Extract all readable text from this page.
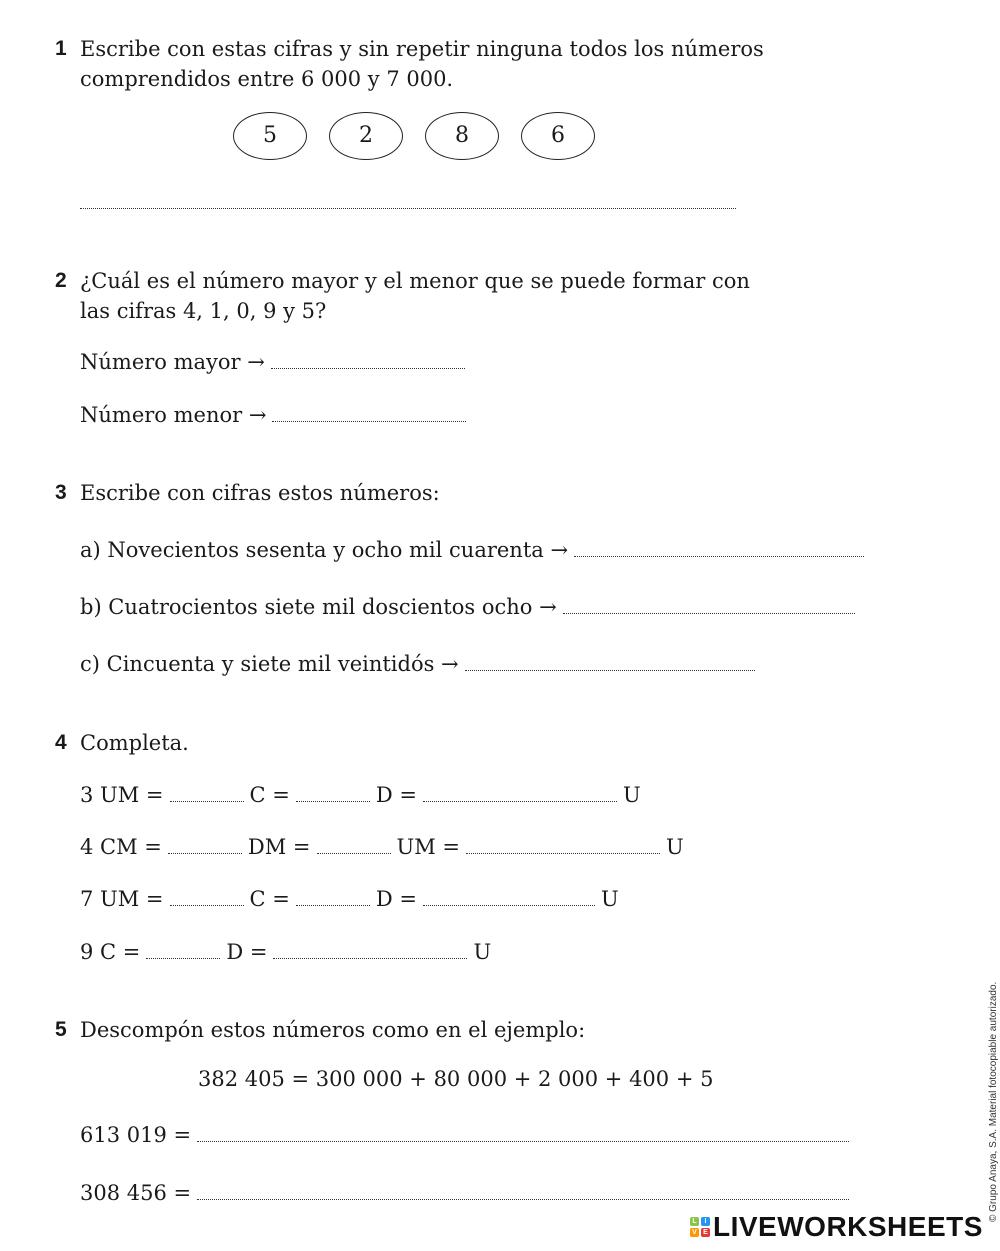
1 Escribe con estas cifras y sin repetir ninguna todos los números
comprendidos entre 6 000 y 7 000.
5	2	8	6
2 ¿Cuál es el número mayor y el menor que se puede formar con
las cifras 4, 1, 0, 9 y 5?
Número mayor →
Número menor →
3 Escribe con cifras estos números:
a) Novecientos sesenta y ocho mil cuarenta →
b) Cuatrocientos siete mil doscientos ocho →
c) Cincuenta y siete mil veintidós →
4 Completa.
3 UM =	C =	D =	U
4 CM =	DM =	UM =	U
7 UM =	C =	D =	U
9 C =	D =	U
5 Descompón estos números como en el ejemplo:
382 405 = 300 000 + 80 000 + 2 000 + 400 + 5
613 019 =
308 456 =	© Grupo Anaya, S.A. Material fotocopiable autorizado.
L	I
V E LIVEWORKSHEETS
